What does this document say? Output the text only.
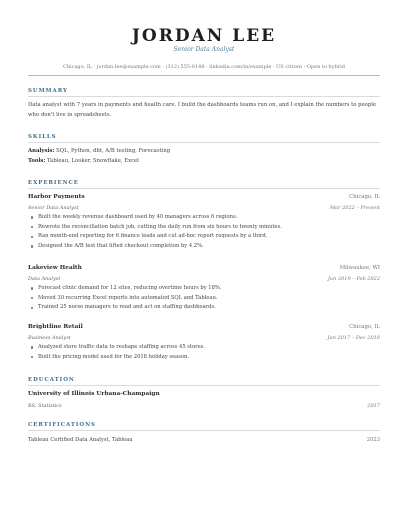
JORDAN LEE
Senior Data Analyst
Chicago, IL · jordan.lee@example.com · (312) 555-0148 · linkedin.com/in/example · US citizen · Open to hybrid
SUMMARY
Data analyst with 7 years in payments and health care. I build the dashboards teams run on, and I explain the numbers to people who don't live in spreadsheets.
SKILLS
Analysis: SQL, Python, dbt, A/B testing, Forecasting
Tools: Tableau, Looker, Snowflake, Excel
EXPERIENCE
Harbor Payments	Chicago, IL
Senior Data Analyst	Mar 2022 – Present
Built the weekly revenue dashboard used by 40 managers across 6 regions.
Rewrote the reconciliation batch job, cutting the daily run from six hours to twenty minutes.
Ran month-end reporting for 6 finance leads and cut ad-hoc report requests by a third.
Designed the A/B test that lifted checkout completion by 4.2%.
Lakeview Health	Milwaukee, WI
Data Analyst	Jun 2019 – Feb 2022
Forecast clinic demand for 12 sites, reducing overtime hours by 18%.
Moved 30 recurring Excel reports into automated SQL and Tableau.
Trained 25 nurse managers to read and act on staffing dashboards.
Brightline Retail	Chicago, IL
Business Analyst	Jun 2017 – Dec 2018
Analyzed store traffic data to reshape staffing across 45 stores.
Built the pricing model used for the 2018 holiday season.
EDUCATION
University of Illinois Urbana-Champaign
BS, Statistics	2017
CERTIFICATIONS
Tableau Certified Data Analyst, Tableau	2023
